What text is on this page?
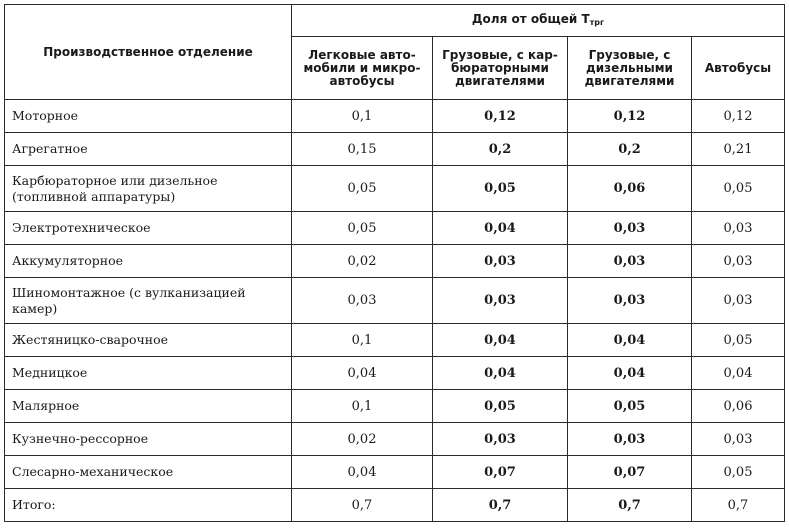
Производственное отделение	Доля от общей $Т_{трг}$
	Легковые авто-мобили и микро-автобусы	Грузовые, с кар-бюраторными двигателями	Грузовые, с дизельными двигателями	Автобусы
Моторное	0,1	0,12	0,12	0,12
Агрегатное	0,15	0,2	0,2	0,21
Карбюраторное или дизельное (топливной аппаратуры)	0,05	0,05	0,06	0,05
Электротехническое	0,05	0,04	0,03	0,03
Аккумуляторное	0,02	0,03	0,03	0,03
Шиномонтажное (с вулканизацией камер)	0,03	0,03	0,03	0,03
Жестяницко-сварочное	0,1	0,04	0,04	0,05
Медницкое	0,04	0,04	0,04	0,04
Малярное	0,1	0,05	0,05	0,06
Кузнечно-рессорное	0,02	0,03	0,03	0,03
Слесарно-механическое	0,04	0,07	0,07	0,05
Итого:	0,7	0,7	0,7	0,7
